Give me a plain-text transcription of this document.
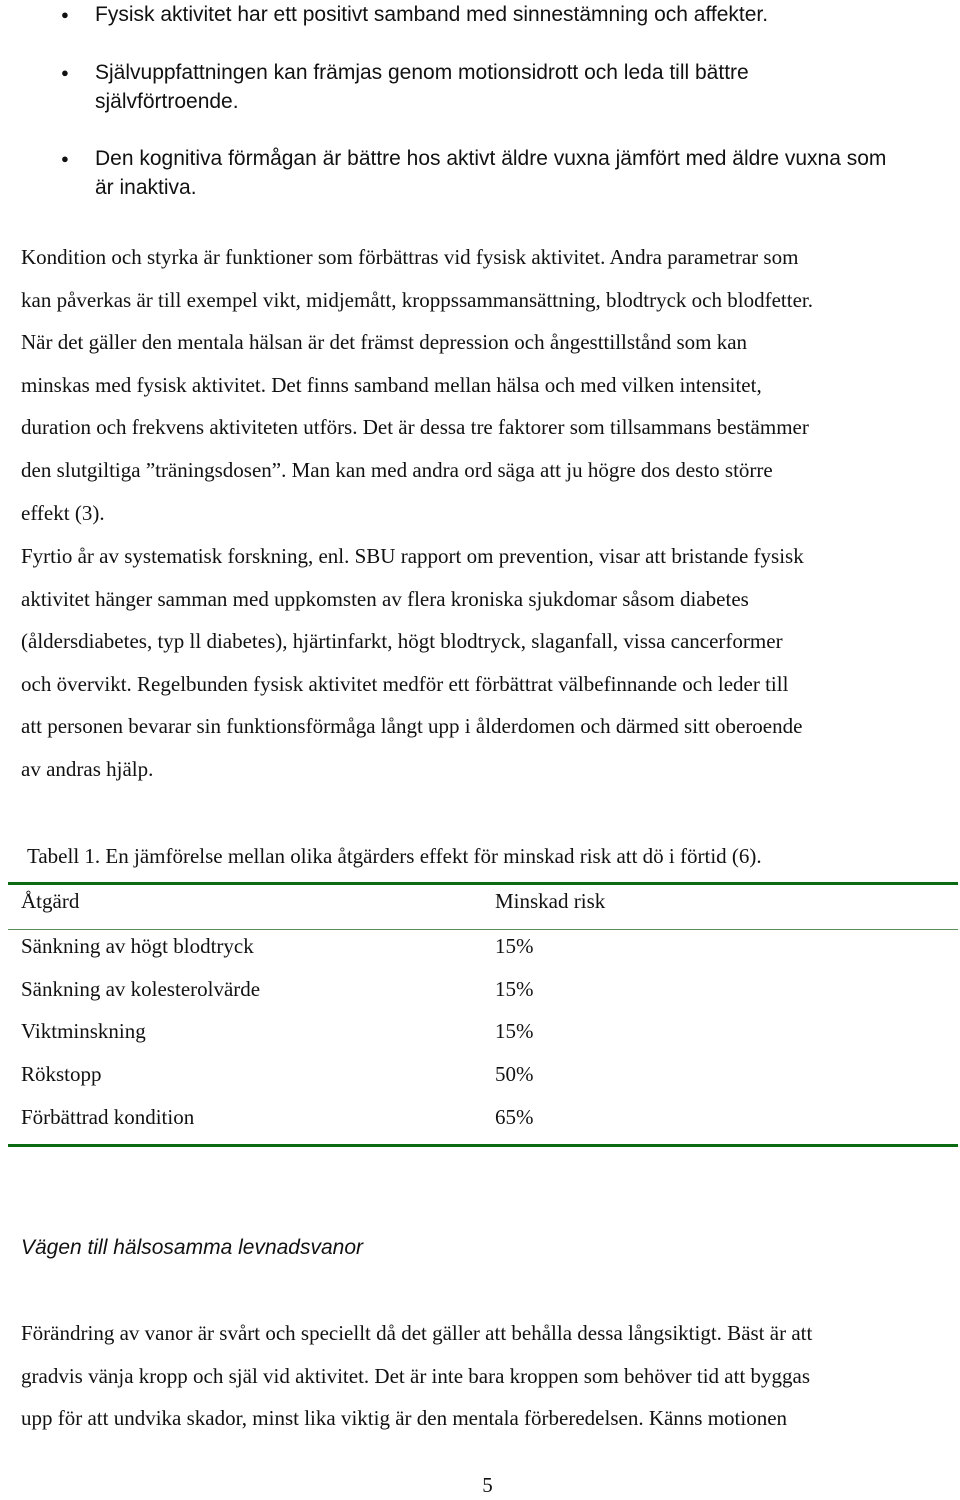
● Fysisk aktivitet har ett positivt samband med sinnestämning och affekter.
● Självuppfattningen kan främjas genom motionsidrott och leda till bättre
självförtroende.
● Den kognitiva förmågan är bättre hos aktivt äldre vuxna jämfört med äldre vuxna som
är inaktiva.
Kondition och styrka är funktioner som förbättras vid fysisk aktivitet. Andra parametrar som
kan påverkas är till exempel vikt, midjemått, kroppssammansättning, blodtryck och blodfetter.
När det gäller den mentala hälsan är det främst depression och ångesttillstånd som kan
minskas med fysisk aktivitet. Det finns samband mellan hälsa och med vilken intensitet,
duration och frekvens aktiviteten utförs. Det är dessa tre faktorer som tillsammans bestämmer
den slutgiltiga ”träningsdosen”. Man kan med andra ord säga att ju högre dos desto större
effekt (3).
Fyrtio år av systematisk forskning, enl. SBU rapport om prevention, visar att bristande fysisk
aktivitet hänger samman med uppkomsten av flera kroniska sjukdomar såsom diabetes
(åldersdiabetes, typ ll diabetes), hjärtinfarkt, högt blodtryck, slaganfall, vissa cancerformer
och övervikt. Regelbunden fysisk aktivitet medför ett förbättrat välbefinnande och leder till
att personen bevarar sin funktionsförmåga långt upp i ålderdomen och därmed sitt oberoende
av andras hjälp.
Tabell 1. En jämförelse mellan olika åtgärders effekt för minskad risk att dö i förtid (6).
Åtgärd	Minskad risk
Sänkning av högt blodtryck	15%
Sänkning av kolesterolvärde	15%
Viktminskning	15%
Rökstopp	50%
Förbättrad kondition	65%
Vägen till hälsosamma levnadsvanor
Förändring av vanor är svårt och speciellt då det gäller att behålla dessa långsiktigt. Bäst är att
gradvis vänja kropp och själ vid aktivitet. Det är inte bara kroppen som behöver tid att byggas
upp för att undvika skador, minst lika viktig är den mentala förberedelsen. Känns motionen
5
